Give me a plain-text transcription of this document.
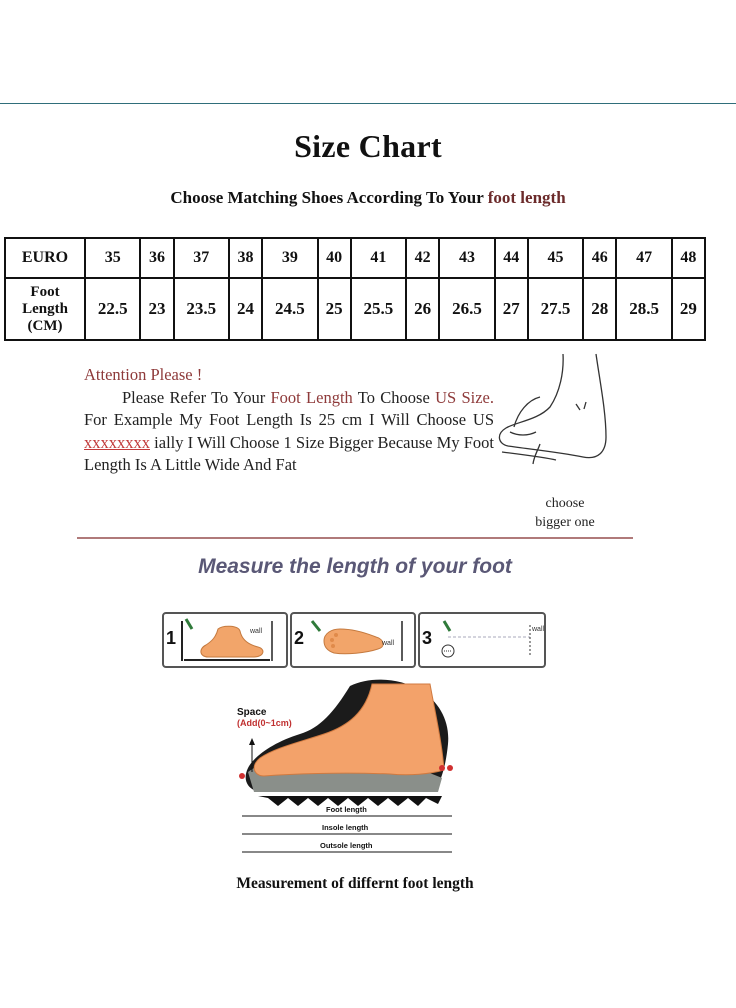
Size Chart
Choose Matching Shoes According To Your foot length
EURO	35	36	37	38	39	40	41	42	43	44	45	46	47	48
Foot
Length
(CM)	22.5	23	23.5	24	24.5	25	25.5	26	26.5	27	27.5	28	28.5	29

Attention Please !

Please Refer To Your Foot Length To Choose US Size. For Example My Foot Length Is 25 cm I Will Choose US xxxxxxxx ially I Will Choose 1 Size Bigger Because My Foot Length Is A Little Wide And Fat

choose
bigger one
Measure the length of your foot
1	wall 2	wall 3	wall
Space
(Add(0~1cm)
Foot length
Insole length
Outsole length
Measurement of differnt foot length
